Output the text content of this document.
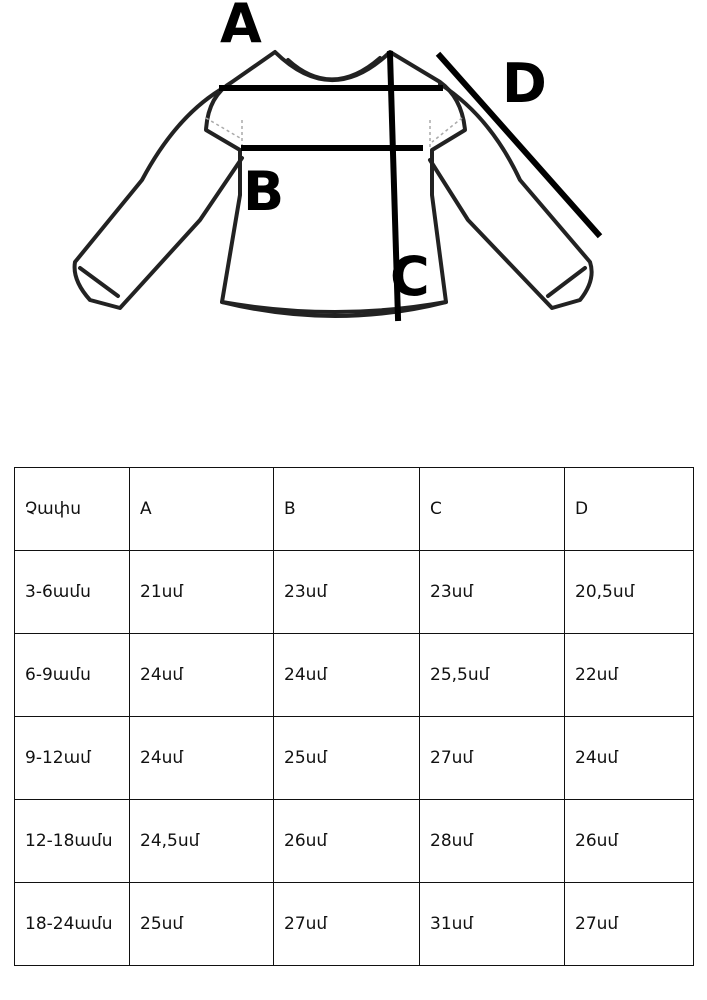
A
B
C
D
Չափս	A	B	C	D
3-6ամս	21սմ	23սմ	23սմ	20,5սմ
6-9ամս	24սմ	24սմ	25,5սմ	22սմ
9-12ամ	24սմ	25սմ	27սմ	24սմ
12-18ամս	24,5սմ	26սմ	28սմ	26սմ
18-24ամս	25սմ	27սմ	31սմ	27սմ
